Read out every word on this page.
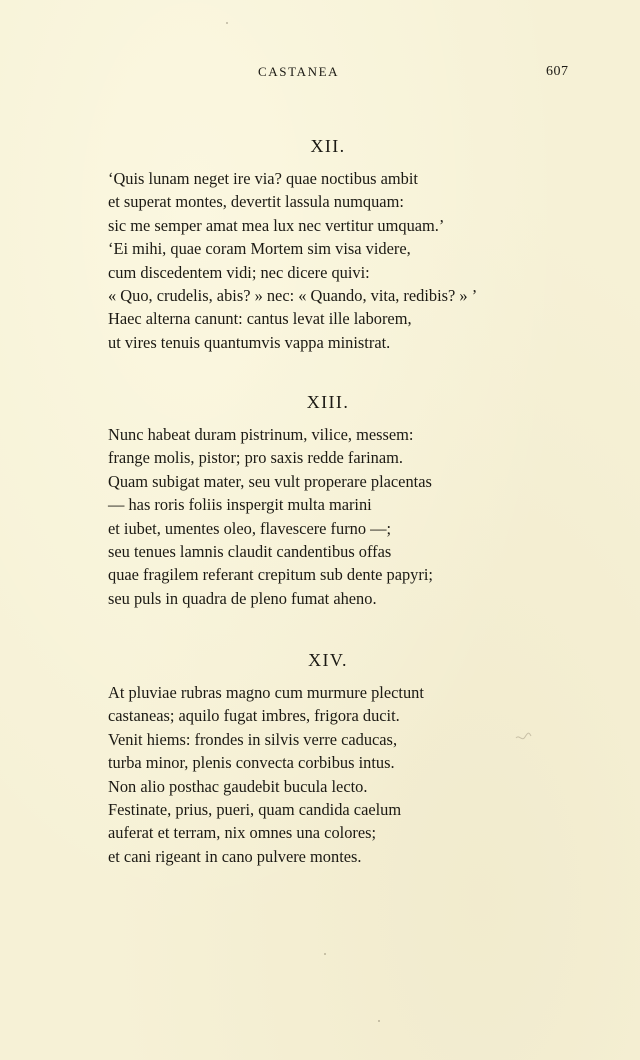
CASTANEA	607
XII.
‘Quis lunam neget ire via? quae noctibus ambit
et superat montes, devertit lassula numquam:
sic me semper amat mea lux nec vertitur umquam.’
‘Ei mihi, quae coram Mortem sim visa videre,
cum discedentem vidi; nec dicere quivi:
« Quo, crudelis, abis? » nec: « Quando, vita, redibis? » ’
Haec alterna canunt: cantus levat ille laborem,
ut vires tenuis quantumvis vappa ministrat.
XIII.
Nunc habeat duram pistrinum, vilice, messem:
frange molis, pistor; pro saxis redde farinam.
Quam subigat mater, seu vult properare placentas
— has roris foliis inspergit multa marini
et iubet, umentes oleo, flavescere furno —;
seu tenues lamnis claudit candentibus offas
quae fragilem referant crepitum sub dente papyri;
seu puls in quadra de pleno fumat aheno.
XIV.
At pluviae rubras magno cum murmure plectunt
castaneas; aquilo fugat imbres, frigora ducit.
Venit hiems: frondes in silvis verre caducas,
turba minor, plenis convecta corbibus intus.
Non alio posthac gaudebit bucula lecto.
Festinate, prius, pueri, quam candida caelum
auferat et terram, nix omnes una colores;
et cani rigeant in cano pulvere montes.
